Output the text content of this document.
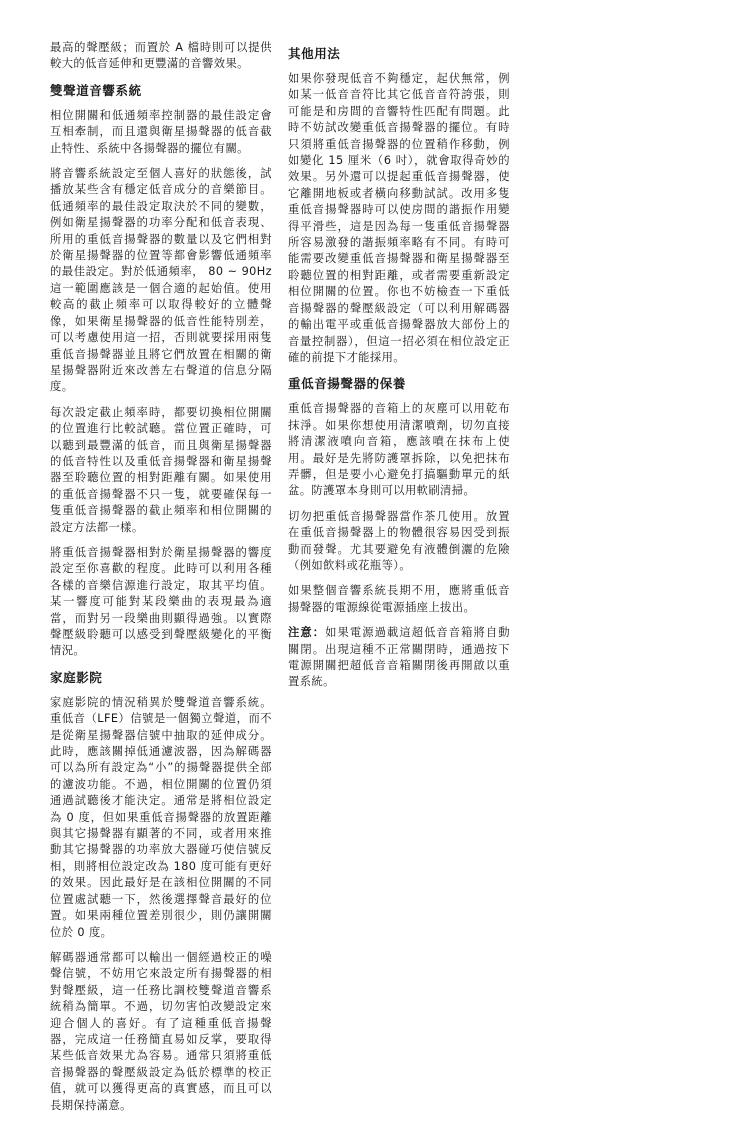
最高的聲壓級；而置於 A 檔時則可以提供較大的低音延伸和更豐滿的音響效果。

雙聲道音響系統

相位開關和低通頻率控制器的最佳設定會互相牽制，而且還與衛星揚聲器的低音截止特性、系統中各揚聲器的擺位有關。

將音響系統設定至個人喜好的狀態後，試播放某些含有穩定低音成分的音樂節目。低通頻率的最佳設定取決於不同的變數，例如衛星揚聲器的功率分配和低音表現、所用的重低音揚聲器的數量以及它們相對於衛星揚聲器的位置等都會影響低通頻率的最佳設定。對於低通頻率， 80 ~ 90Hz 這一範圍應該是一個合適的起始值。使用較高的截止頻率可以取得較好的立體聲像，如果衛星揚聲器的低音性能特別差，可以考慮使用這一招，否則就要採用兩隻重低音揚聲器並且將它們放置在相關的衛星揚聲器附近來改善左右聲道的信息分隔度。

每次設定截止頻率時，都要切換相位開關的位置進行比較試聽。當位置正確時，可以聽到最豐滿的低音，而且與衛星揚聲器的低音特性以及重低音揚聲器和衛星揚聲器至聆聽位置的相對距離有關。如果使用的重低音揚聲器不只一隻，就要確保每一隻重低音揚聲器的截止頻率和相位開關的設定方法都一樣。

將重低音揚聲器相對於衛星揚聲器的響度設定至你喜歡的程度。此時可以利用各種各樣的音樂信源進行設定，取其平均值。某一響度可能對某段樂曲的表現最為適當，而對另一段樂曲則顯得過強。以實際聲壓級聆聽可以感受到聲壓級變化的平衡情況。

家庭影院

家庭影院的情況稍異於雙聲道音響系統。重低音（LFE）信號是一個獨立聲道，而不是從衛星揚聲器信號中抽取的延伸成分。此時，應該關掉低通濾波器，因為解碼器可以為所有設定為“小”的揚聲器提供全部的濾波功能。不過，相位開關的位置仍須通過試聽後才能決定。通常是將相位設定為 0 度，但如果重低音揚聲器的放置距離與其它揚聲器有顯著的不同，或者用來推動其它揚聲器的功率放大器碰巧使信號反相，則將相位設定改為 180 度可能有更好的效果。因此最好是在該相位開關的不同位置處試聽一下，然後選擇聲音最好的位置。如果兩種位置差別很少，則仍讓開關位於 0 度。

解碼器通常都可以輸出一個經過校正的噪聲信號，不妨用它來設定所有揚聲器的相對聲壓級，這一任務比調校雙聲道音響系統稍為簡單。不過，切勿害怕改變設定來迎合個人的喜好。有了這種重低音揚聲器，完成這一任務簡直易如反掌，要取得某些低音效果尤為容易。通常只須將重低音揚聲器的聲壓級設定為低於標準的校正值，就可以獲得更高的真實感，而且可以長期保持滿意。

其他用法

如果你發現低音不夠穩定，起伏無常，例如某一低音音符比其它低音音符誇張，則可能是和房間的音響特性匹配有問題。此時不妨試改變重低音揚聲器的擺位。有時只須將重低音揚聲器的位置稍作移動，例如變化 15 厘米（6 吋），就會取得奇妙的效果。另外還可以提起重低音揚聲器，使它離開地板或者橫向移動試試。改用多隻重低音揚聲器時可以使房間的諧振作用變得平滑些，這是因為每一隻重低音揚聲器所容易激發的諧振頻率略有不同。有時可能需要改變重低音揚聲器和衛星揚聲器至聆聽位置的相對距離，或者需要重新設定相位開關的位置。你也不妨檢查一下重低音揚聲器的聲壓級設定（可以利用解碼器的輸出電平或重低音揚聲器放大部份上的音量控制器），但這一招必須在相位設定正確的前提下才能採用。

重低音揚聲器的保養

重低音揚聲器的音箱上的灰塵可以用乾布抹淨。如果你想使用清潔噴劑，切勿直接將清潔液噴向音箱，應該噴在抹布上使用。最好是先將防護罩拆除，以免把抹布弄髒，但是要小心避免打搞驅動單元的紙盆。防護罩本身則可以用軟刷清掃。

切勿把重低音揚聲器當作茶几使用。放置在重低音揚聲器上的物體很容易因受到振動而發聲。尤其要避免有液體倒灑的危險（例如飲料或花瓶等）。

如果整個音響系統長期不用，應將重低音揚聲器的電源線從電源插座上拔出。

注意：如果電源過載這超低音音箱將自動關閉。出現這種不正常關閉時，通過按下電源開關把超低音音箱關閉後再開啟以重置系統。
